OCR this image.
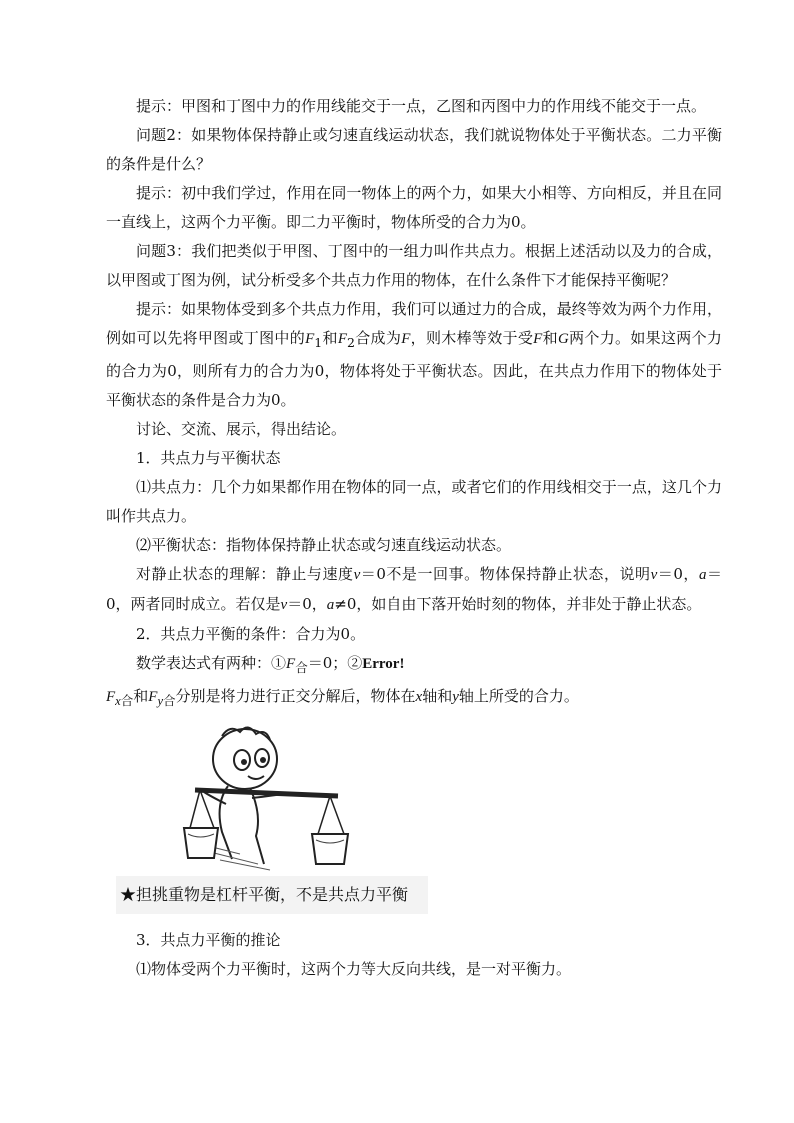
提示：甲图和丁图中力的作用线能交于一点，乙图和丙图中力的作用线不能交于一点。

问题2：如果物体保持静止或匀速直线运动状态，我们就说物体处于平衡状态。二力平衡的条件是什么？

提示：初中我们学过，作用在同一物体上的两个力，如果大小相等、方向相反，并且在同一直线上，这两个力平衡。即二力平衡时，物体所受的合力为0。

问题3：我们把类似于甲图、丁图中的一组力叫作共点力。根据上述活动以及力的合成，以甲图或丁图为例，试分析受多个共点力作用的物体，在什么条件下才能保持平衡呢？

提示：如果物体受到多个共点力作用，我们可以通过力的合成，最终等效为两个力作用，例如可以先将甲图或丁图中的$F_1$和$F_2$合成为F，则木棒等效于受F和G两个力。如果这两个力的合力为0，则所有力的合力为0，物体将处于平衡状态。因此，在共点力作用下的物体处于平衡状态的条件是合力为0。

讨论、交流、展示，得出结论。

1．共点力与平衡状态

⑴共点力：几个力如果都作用在物体的同一点，或者它们的作用线相交于一点，这几个力叫作共点力。

⑵平衡状态：指物体保持静止状态或匀速直线运动状态。

对静止状态的理解：静止与速度v＝0不是一回事。物体保持静止状态，说明v＝0，a＝0，两者同时成立。若仅是v＝0，a≠0，如自由下落开始时刻的物体，并非处于静止状态。

2．共点力平衡的条件：合力为0。

数学表达式有两种：$①F_合=0$；②Error!

$F_{x合}$和$F_{y合}$分别是将力进行正交分解后，物体在x轴和y轴上所受的合力。

★担挑重物是杠杆平衡，不是共点力平衡

3．共点力平衡的推论

⑴物体受两个力平衡时，这两个力等大反向共线，是一对平衡力。
